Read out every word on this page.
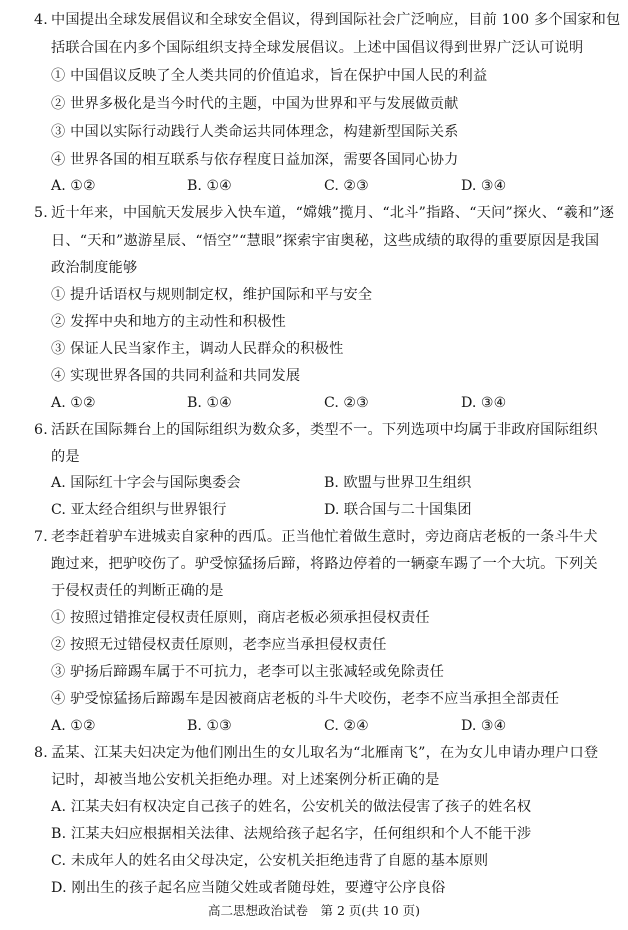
4. 中国提出全球发展倡议和全球安全倡议，得到国际社会广泛响应，目前 100 多个国家和包
括联合国在内多个国际组织支持全球发展倡议。上述中国倡议得到世界广泛认可说明
① 中国倡议反映了全人类共同的价值追求，旨在保护中国人民的利益
② 世界多极化是当今时代的主题，中国为世界和平与发展做贡献
③ 中国以实际行动践行人类命运共同体理念，构建新型国际关系
④ 世界各国的相互联系与依存程度日益加深，需要各国同心协力
A. ①②	B. ①④	C. ②③	D. ③④
5. 近十年来，中国航天发展步入快车道，“嫦娥”揽月、“北斗”指路、“天问”探火、“羲和”逐
日、“天和”遨游星辰、“悟空”“慧眼”探索宇宙奥秘，这些成绩的取得的重要原因是我国
政治制度能够
① 提升话语权与规则制定权，维护国际和平与安全
② 发挥中央和地方的主动性和积极性
③ 保证人民当家作主，调动人民群众的积极性
④ 实现世界各国的共同利益和共同发展
A. ①②	B. ①④	C. ②③	D. ③④
6. 活跃在国际舞台上的国际组织为数众多，类型不一。下列选项中均属于非政府国际组织
的是
A. 国际红十字会与国际奥委会	B. 欧盟与世界卫生组织
C. 亚太经合组织与世界银行	D. 联合国与二十国集团
7. 老李赶着驴车进城卖自家种的西瓜。正当他忙着做生意时，旁边商店老板的一条斗牛犬
跑过来，把驴咬伤了。驴受惊猛扬后蹄，将路边停着的一辆豪车踢了一个大坑。下列关
于侵权责任的判断正确的是
① 按照过错推定侵权责任原则，商店老板必须承担侵权责任
② 按照无过错侵权责任原则，老李应当承担侵权责任
③ 驴扬后蹄踢车属于不可抗力，老李可以主张减轻或免除责任
④ 驴受惊猛扬后蹄踢车是因被商店老板的斗牛犬咬伤，老李不应当承担全部责任
A. ①②	B. ①③	C. ②④	D. ③④
8. 孟某、江某夫妇决定为他们刚出生的女儿取名为“北雁南飞”，在为女儿申请办理户口登
记时，却被当地公安机关拒绝办理。对上述案例分析正确的是
A. 江某夫妇有权决定自己孩子的姓名，公安机关的做法侵害了孩子的姓名权
B. 江某夫妇应根据相关法律、法规给孩子起名字，任何组织和个人不能干涉
C. 未成年人的姓名由父母决定，公安机关拒绝违背了自愿的基本原则
D. 刚出生的孩子起名应当随父姓或者随母姓，要遵守公序良俗
高二思想政治试卷　第 2 页(共 10 页)
